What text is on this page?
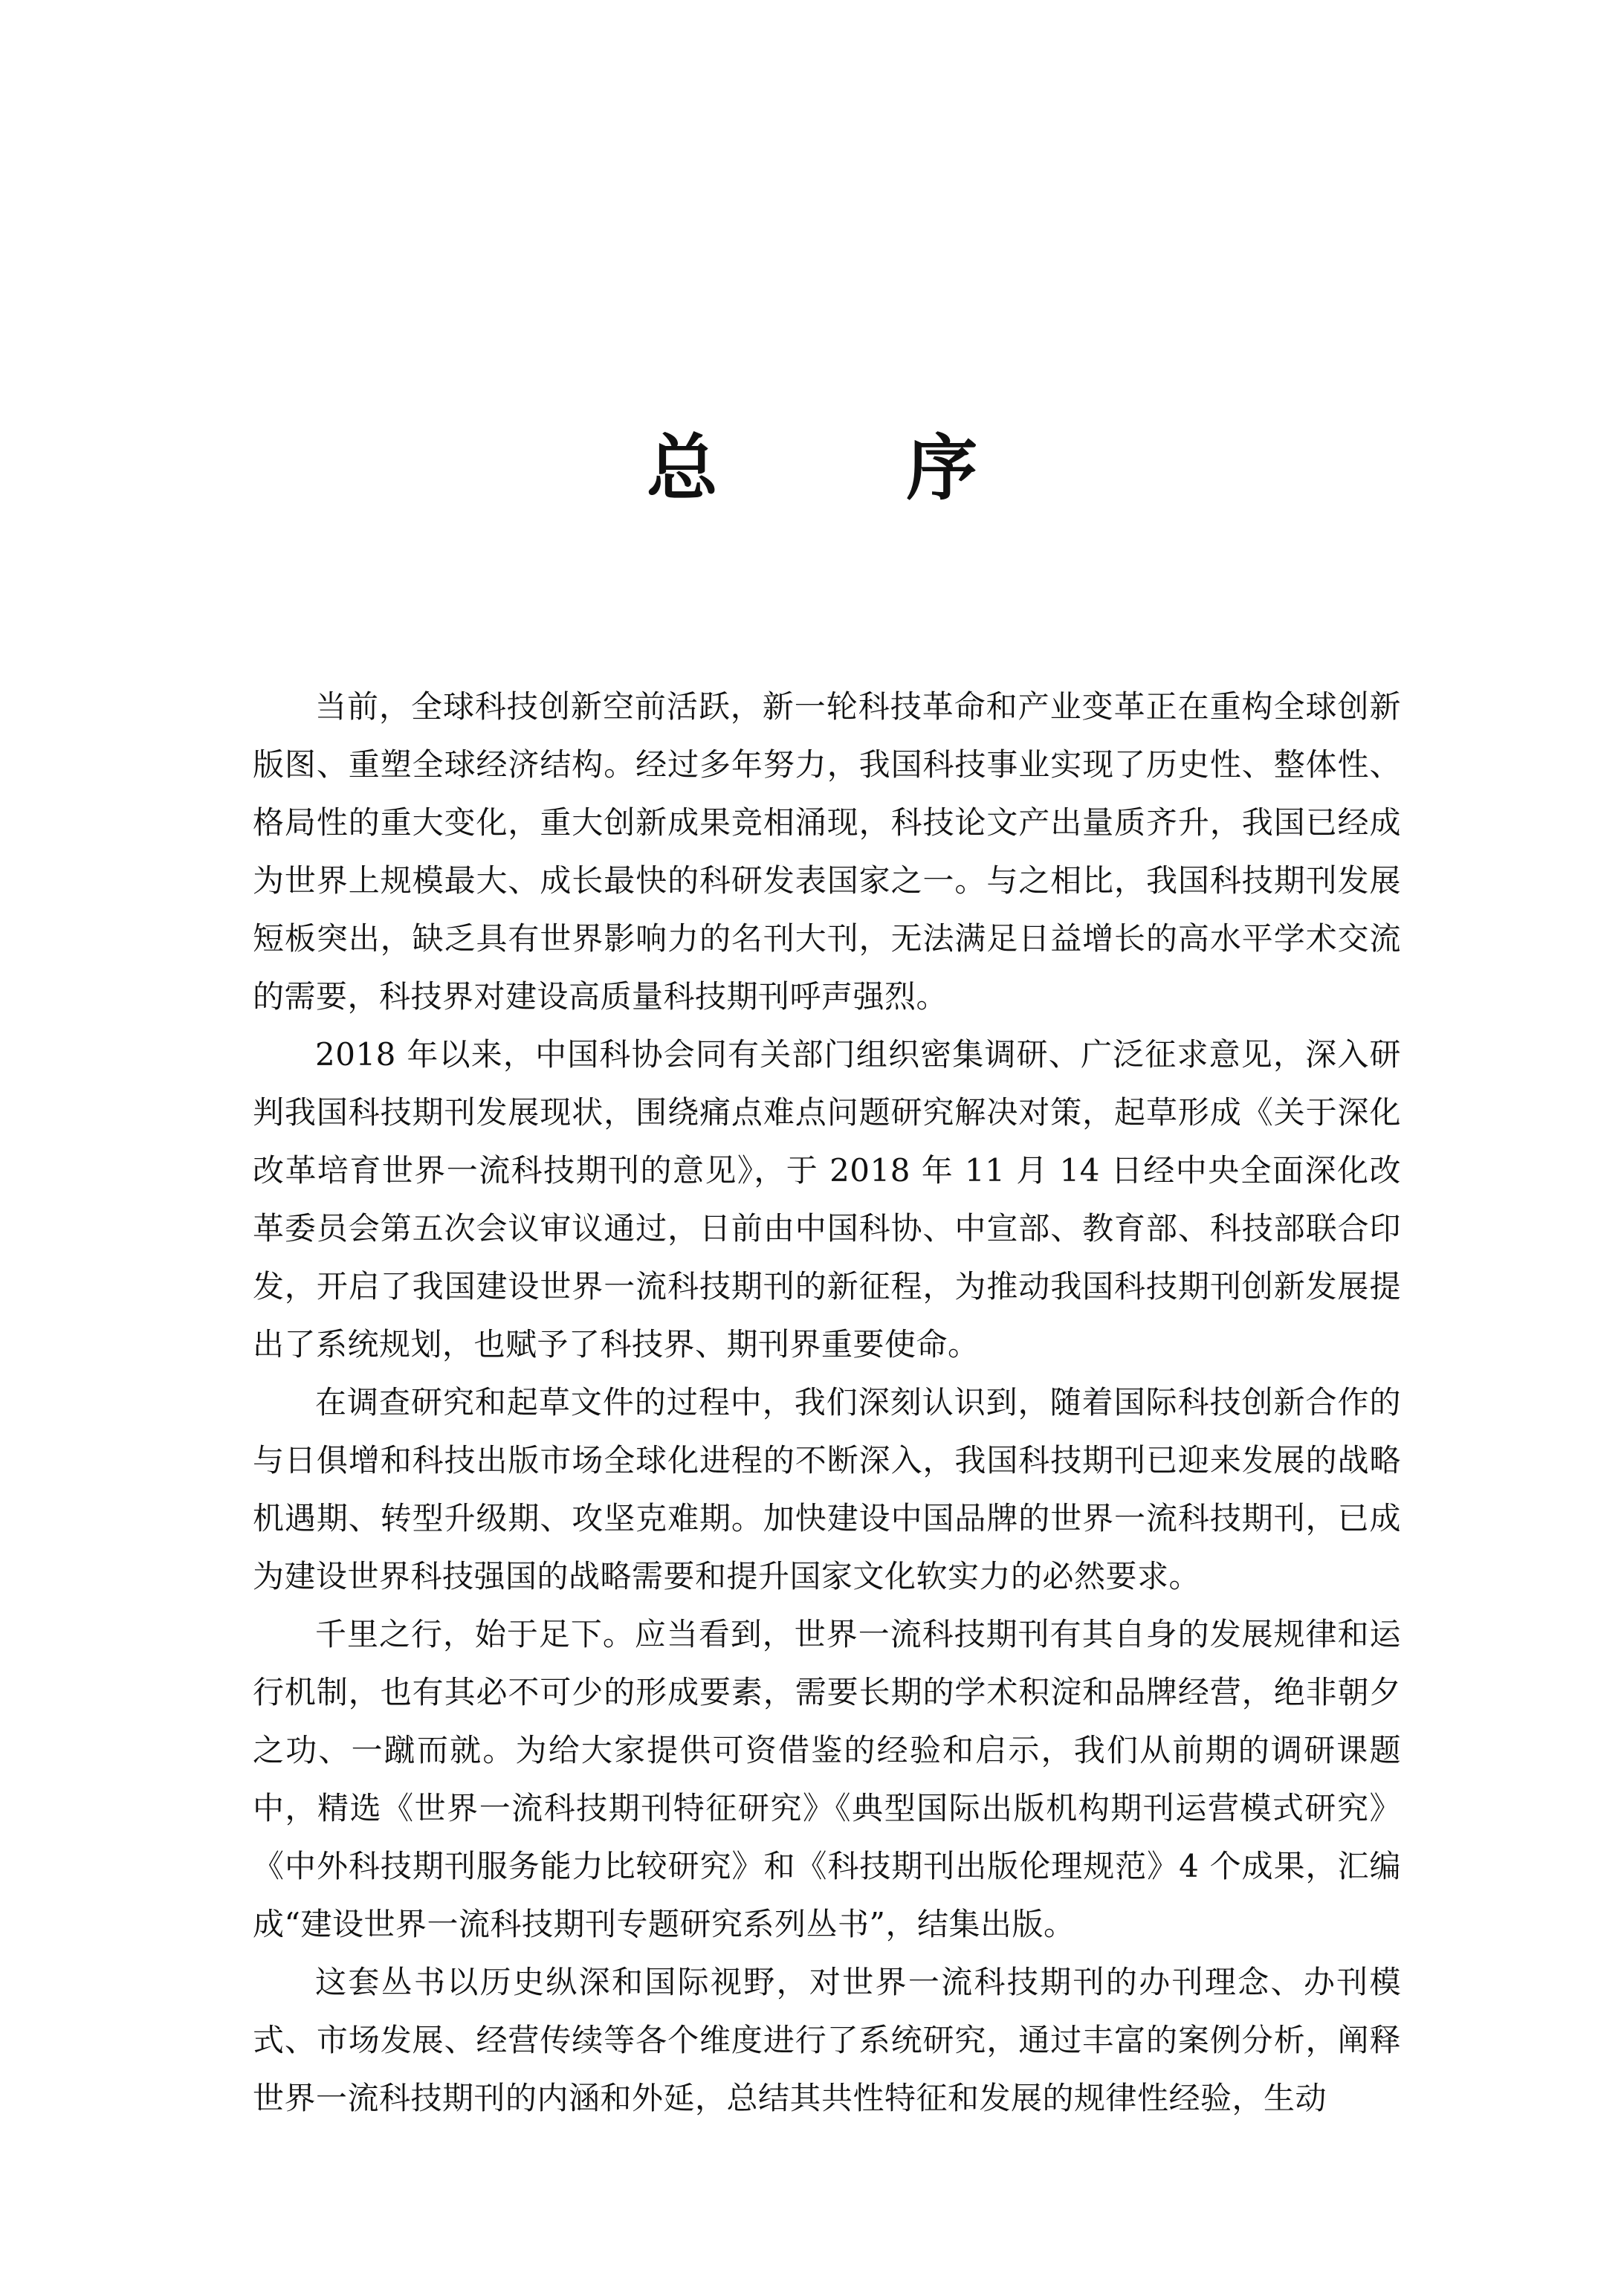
总 序

当前，全球科技创新空前活跃，新一轮科技革命和产业变革正在重构全球创新版图、重塑全球经济结构。经过多年努力，我国科技事业实现了历史性、整体性、格局性的重大变化，重大创新成果竞相涌现，科技论文产出量质齐升，我国已经成为世界上规模最大、成长最快的科研发表国家之一。与之相比，我国科技期刊发展短板突出，缺乏具有世界影响力的名刊大刊，无法满足日益增长的高水平学术交流的需要，科技界对建设高质量科技期刊呼声强烈。

2018 年以来，中国科协会同有关部门组织密集调研、广泛征求意见，深入研判我国科技期刊发展现状，围绕痛点难点问题研究解决对策，起草形成《关于深化改革培育世界一流科技期刊的意见》，于 2018 年 11 月 14 日经中央全面深化改革委员会第五次会议审议通过，日前由中国科协、中宣部、教育部、科技部联合印发，开启了我国建设世界一流科技期刊的新征程，为推动我国科技期刊创新发展提出了系统规划，也赋予了科技界、期刊界重要使命。

在调查研究和起草文件的过程中，我们深刻认识到，随着国际科技创新合作的与日俱增和科技出版市场全球化进程的不断深入，我国科技期刊已迎来发展的战略机遇期、转型升级期、攻坚克难期。加快建设中国品牌的世界一流科技期刊，已成为建设世界科技强国的战略需要和提升国家文化软实力的必然要求。

千里之行，始于足下。应当看到，世界一流科技期刊有其自身的发展规律和运行机制，也有其必不可少的形成要素，需要长期的学术积淀和品牌经营，绝非朝夕之功、一蹴而就。为给大家提供可资借鉴的经验和启示，我们从前期的调研课题中，精选《世界一流科技期刊特征研究》《典型国际出版机构期刊运营模式研究》《中外科技期刊服务能力比较研究》和《科技期刊出版伦理规范》4 个成果，汇编成“建设世界一流科技期刊专题研究系列丛书”，结集出版。

这套丛书以历史纵深和国际视野，对世界一流科技期刊的办刊理念、办刊模式、市场发展、经营传续等各个维度进行了系统研究，通过丰富的案例分析，阐释世界一流科技期刊的内涵和外延，总结其共性特征和发展的规律性经验，生动
